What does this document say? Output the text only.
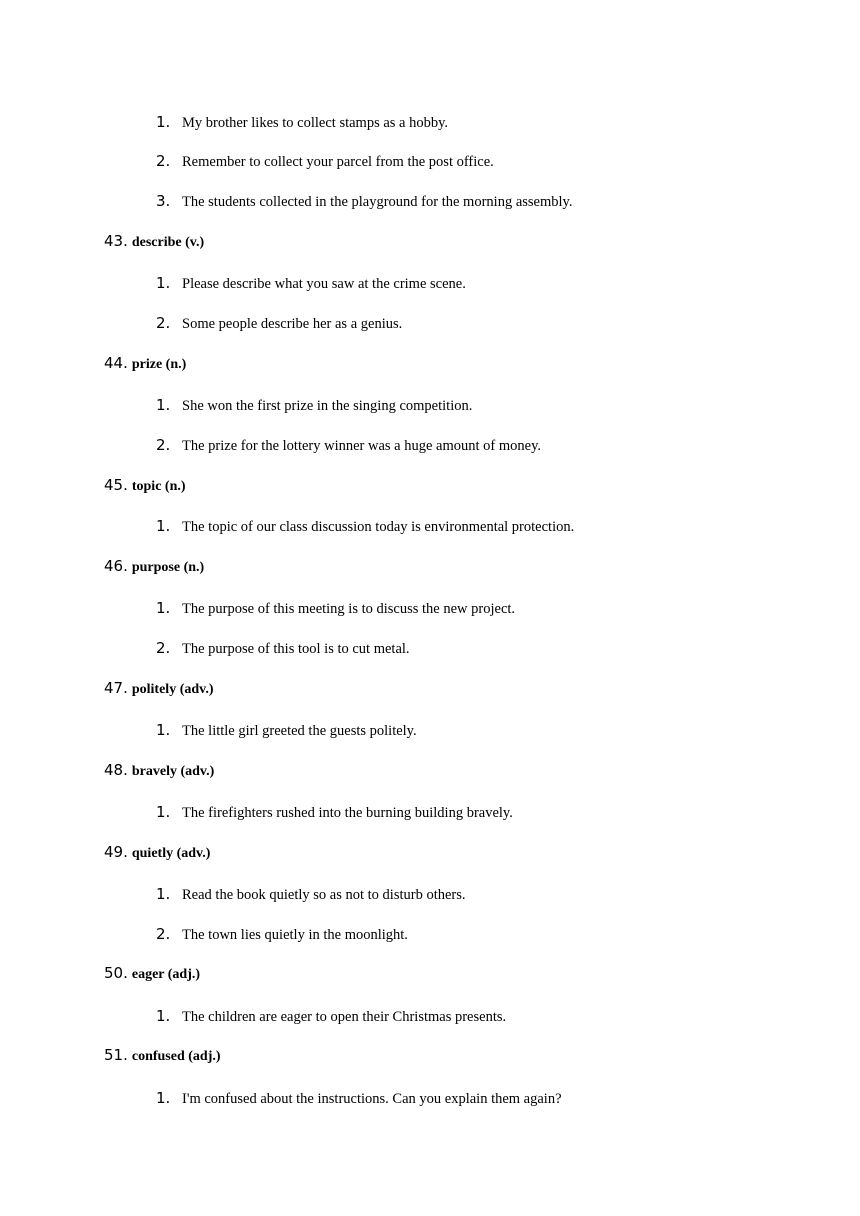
1. My brother likes to collect stamps as a hobby.
2. Remember to collect your parcel from the post office.
3. The students collected in the playground for the morning assembly.
43. describe (v.)
1. Please describe what you saw at the crime scene.
2. Some people describe her as a genius.
44. prize (n.)
1. She won the first prize in the singing competition.
2. The prize for the lottery winner was a huge amount of money.
45. topic (n.)
1. The topic of our class discussion today is environmental protection.
46. purpose (n.)
1. The purpose of this meeting is to discuss the new project.
2. The purpose of this tool is to cut metal.
47. politely (adv.)
1. The little girl greeted the guests politely.
48. bravely (adv.)
1. The firefighters rushed into the burning building bravely.
49. quietly (adv.)
1. Read the book quietly so as not to disturb others.
2. The town lies quietly in the moonlight.
50. eager (adj.)
1. The children are eager to open their Christmas presents.
51. confused (adj.)
1. I'm confused about the instructions. Can you explain them again?
